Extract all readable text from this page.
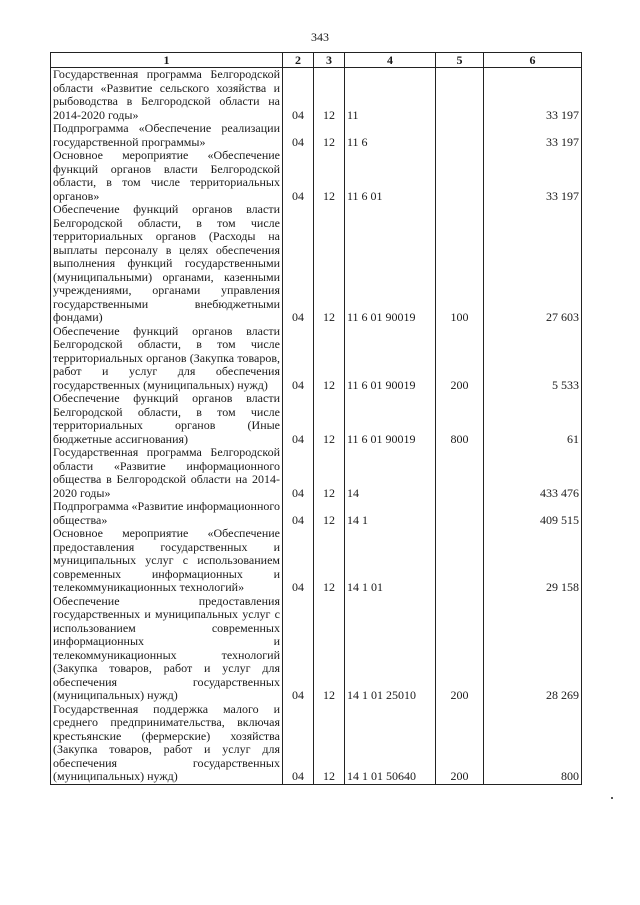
343
1	2	3	4	5	6
Государственная программа Белгородской области «Развитие сельского хозяйства и рыбоводства в Белгородской области на 2014-2020 годы»	04	12	11		33 197
Подпрограмма «Обеспечение реализации государственной программы»	04	12	11 6		33 197
Основное мероприятие «Обеспечение функций органов власти Белгородской области, в том числе территориальных органов»	04	12	11 6 01		33 197
Обеспечение функций органов власти Белгородской области, в том числе территориальных органов (Расходы на выплаты персоналу в целях обеспечения выполнения функций государственными (муниципальными) органами, казенными учреждениями, органами управления государственными внебюджетными фондами)	04	12	11 6 01 90019	100	27 603
Обеспечение функций органов власти Белгородской области, в том числе территориальных органов (Закупка товаров, работ и услуг для обеспечения государственных (муниципальных) нужд)	04	12	11 6 01 90019	200	5 533
Обеспечение функций органов власти Белгородской области, в том числе территориальных органов (Иные бюджетные ассигнования)	04	12	11 6 01 90019	800	61
Государственная программа Белгородской области «Развитие информационного общества в Белгородской области на 2014-2020 годы»	04	12	14		433 476
Подпрограмма «Развитие информационного общества»	04	12	14 1		409 515
Основное мероприятие «Обеспечение предоставления государственных и муниципальных услуг с использованием современных информационных и телекоммуникационных технологий»	04	12	14 1 01		29 158
Обеспечение предоставления государственных и муниципальных услуг с использованием современных информационных и телекоммуникационных технологий (Закупка товаров, работ и услуг для обеспечения государственных (муниципальных) нужд)	04	12	14 1 01 25010	200	28 269
Государственная поддержка малого и среднего предпринимательства, включая крестьянские (фермерские) хозяйства (Закупка товаров, работ и услуг для обеспечения государственных (муниципальных) нужд)	04	12	14 1 01 50640	200	800
